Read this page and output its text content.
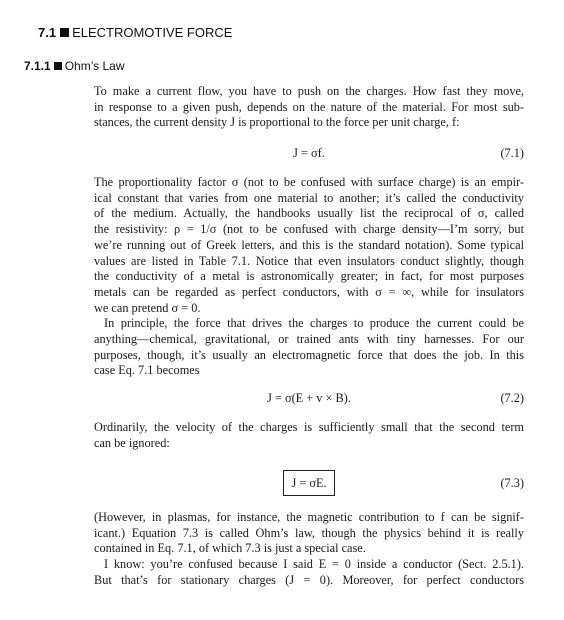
7.1 ELECTROMOTIVE FORCE
7.1.1 Ohm’s Law
To make a current flow, you have to push on the charges. How fast they move,
in response to a given push, depends on the nature of the material. For most sub-
stances, the current density J is proportional to the force per unit charge, f:
J = σf.	(7.1)
The proportionality factor σ (not to be confused with surface charge) is an empir-
ical constant that varies from one material to another; it’s called the conductivity
of the medium. Actually, the handbooks usually list the reciprocal of σ, called
the resistivity: ρ = 1/σ (not to be confused with charge density—I’m sorry, but
we’re running out of Greek letters, and this is the standard notation). Some typical
values are listed in Table 7.1. Notice that even insulators conduct slightly, though
the conductivity of a metal is astronomically greater; in fact, for most purposes
metals can be regarded as perfect conductors, with σ = ∞, while for insulators
we can pretend σ = 0.
In principle, the force that drives the charges to produce the current could be
anything—chemical, gravitational, or trained ants with tiny harnesses. For our
purposes, though, it’s usually an electromagnetic force that does the job. In this
case Eq. 7.1 becomes
J = σ(E + v × B).	(7.2)
Ordinarily, the velocity of the charges is sufficiently small that the second term
can be ignored:
J = σE.	(7.3)
(However, in plasmas, for instance, the magnetic contribution to f can be signif-
icant.) Equation 7.3 is called Ohm’s law, though the physics behind it is really
contained in Eq. 7.1, of which 7.3 is just a special case.
I know: you’re confused because I said E = 0 inside a conductor (Sect. 2.5.1).
But that’s for stationary charges (J = 0). Moreover, for perfect conductors
